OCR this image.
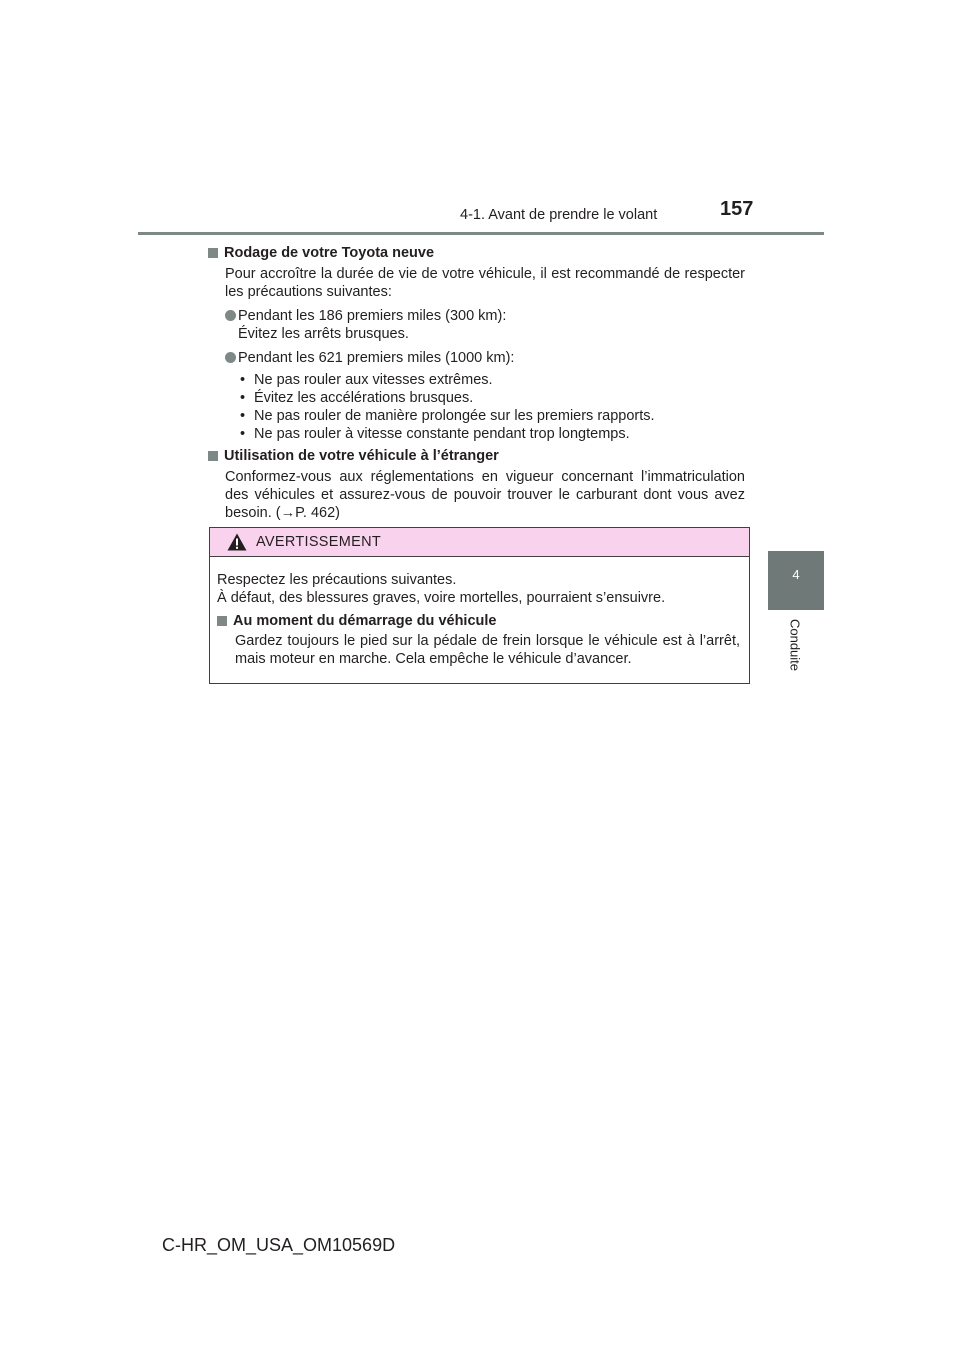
4-1. Avant de prendre le volant	157
4
Conduite
Rodage de votre Toyota neuve

Pour accroître la durée de vie de votre véhicule, il est recommandé de respecter les précautions suivantes:

Pendant les 186 premiers miles (300 km):
Évitez les arrêts brusques.
Pendant les 621 premiers miles (1000 km):
• Ne pas rouler aux vitesses extrêmes.
• Évitez les accélérations brusques.
• Ne pas rouler de manière prolongée sur les premiers rapports.
• Ne pas rouler à vitesse constante pendant trop longtemps.
Utilisation de votre véhicule à l’étranger

Conformez-vous aux réglementations en vigueur concernant l’immatriculation des véhicules et assurez-vous de pouvoir trouver le carburant dont vous avez besoin. (→P. 462)

AVERTISSEMENT
Respectez les précautions suivantes.
À défaut, des blessures graves, voire mortelles, pourraient s’ensuivre.
Au moment du démarrage du véhicule

Gardez toujours le pied sur la pédale de frein lorsque le véhicule est à l’arrêt, mais moteur en marche. Cela empêche le véhicule d’avancer.

C-HR_OM_USA_OM10569D
